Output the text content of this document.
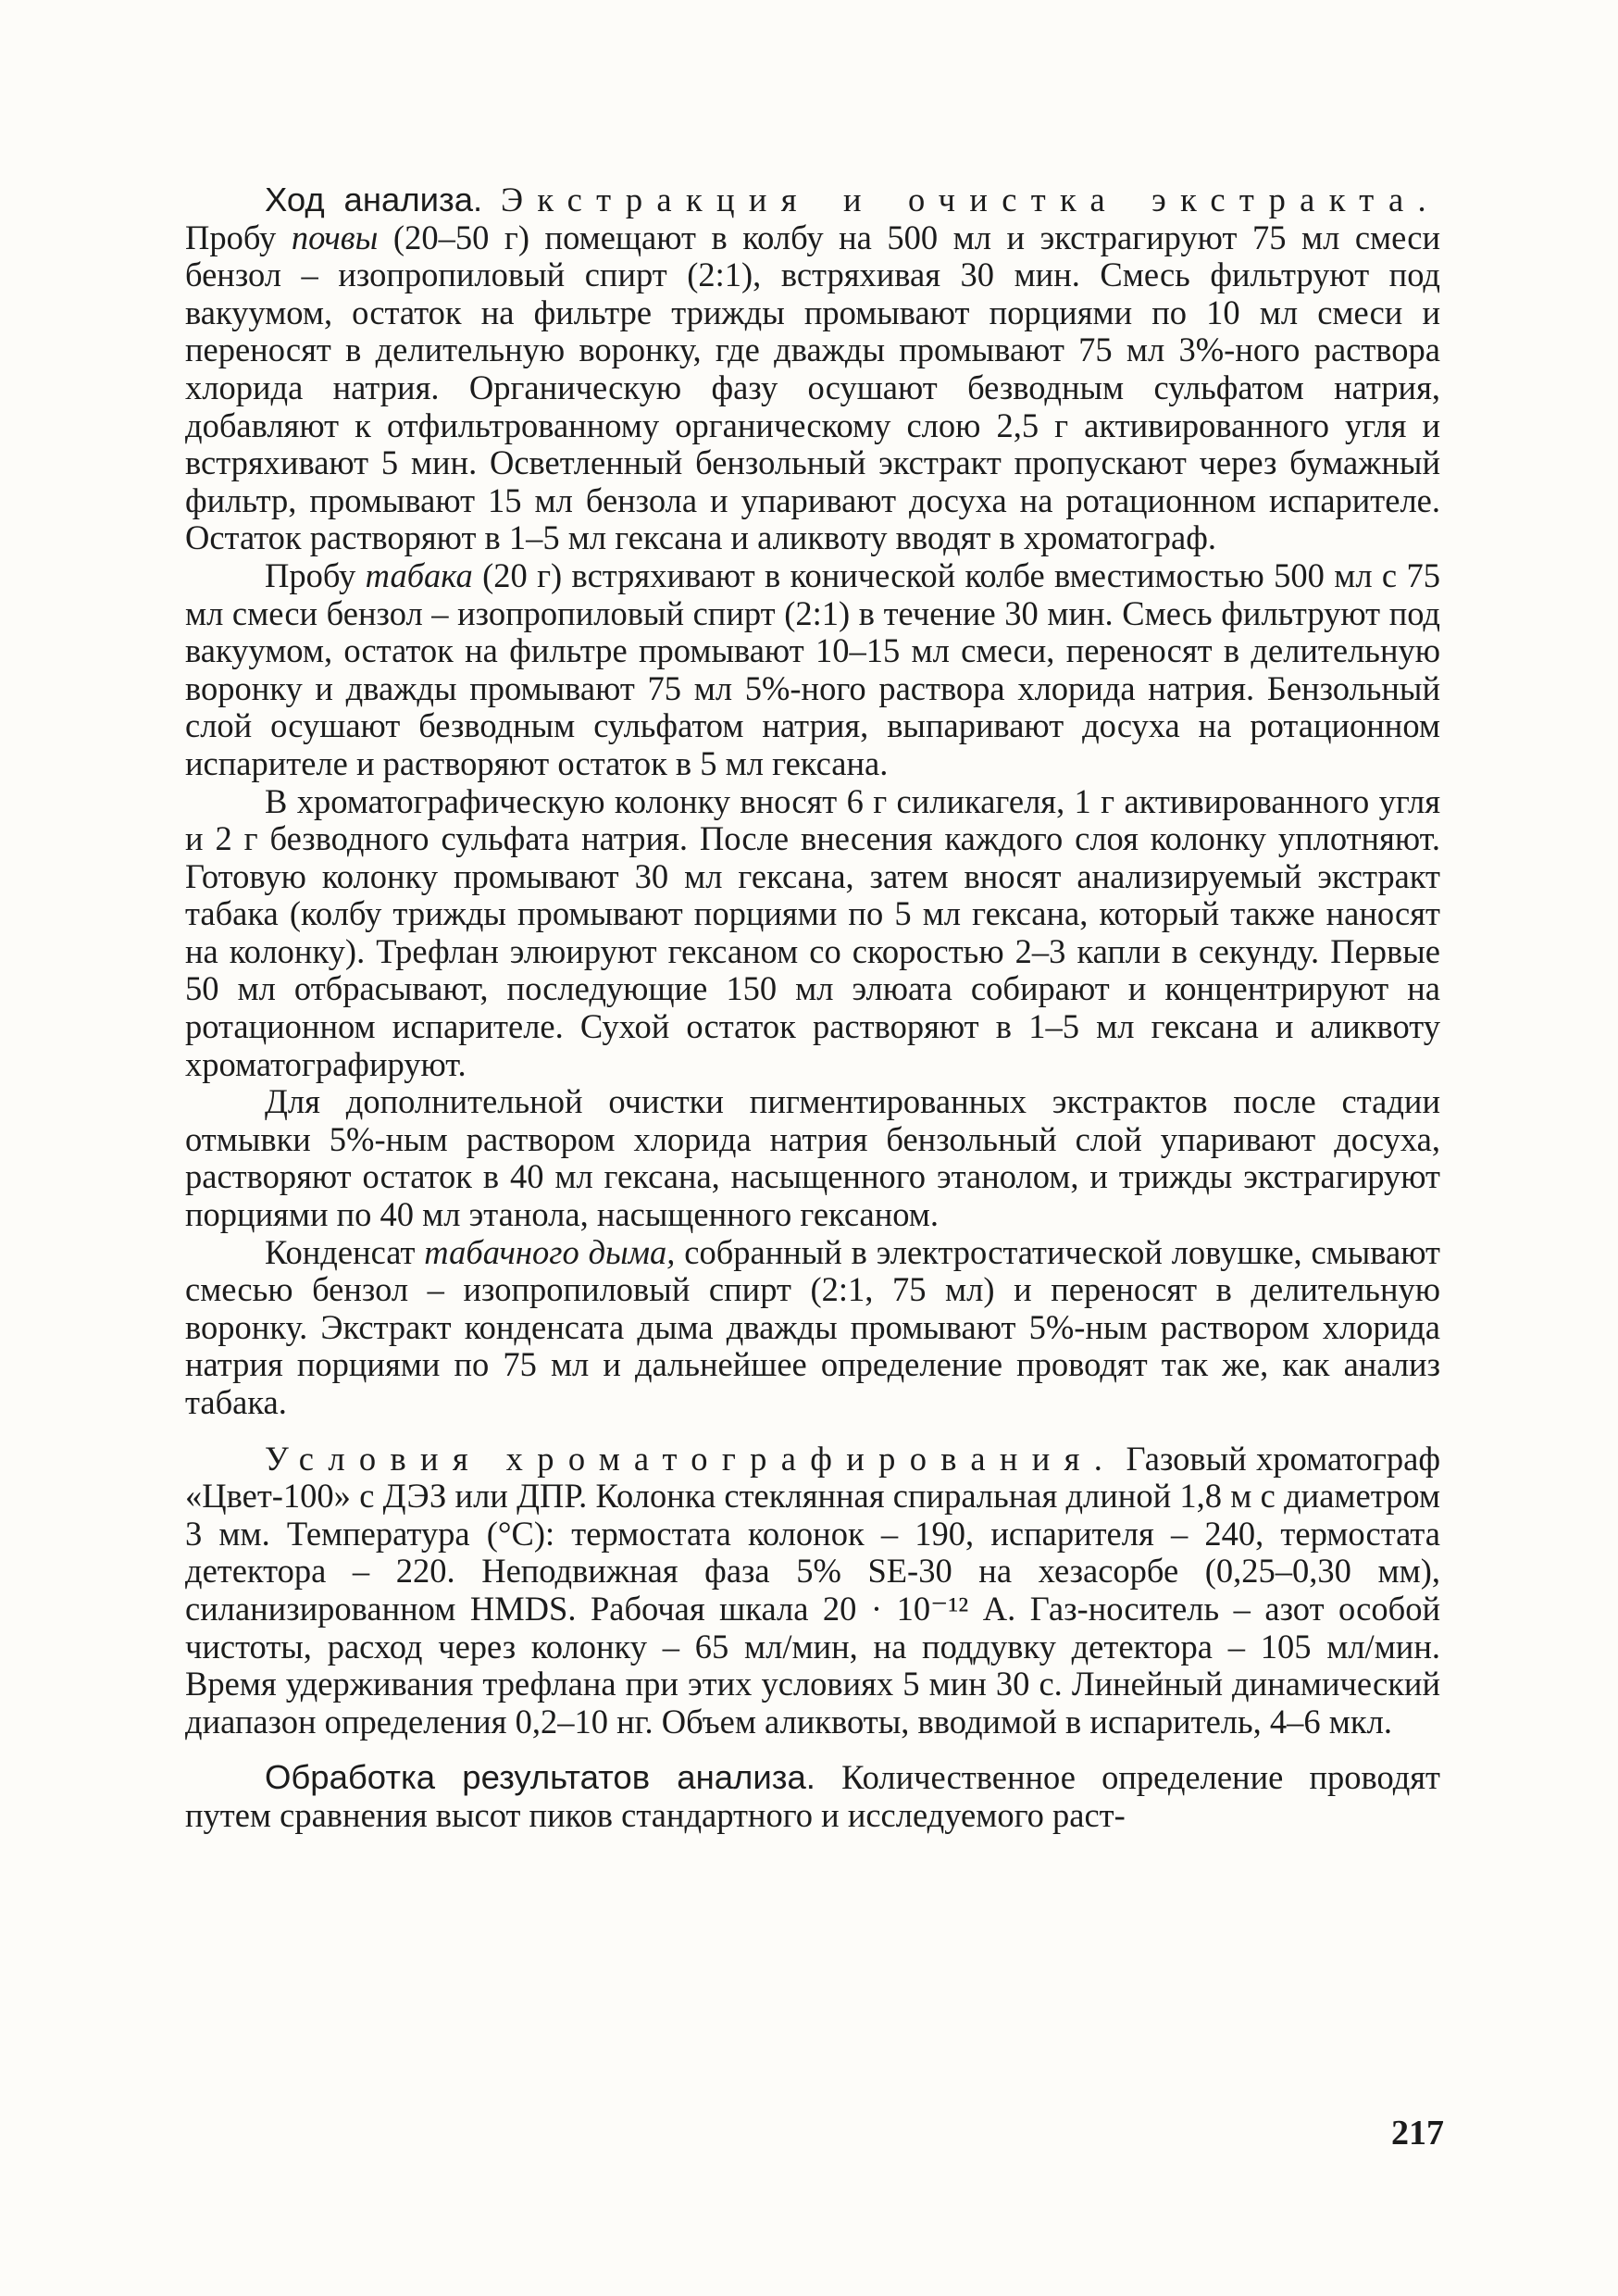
Ход анализа. Экстракция и очистка экстракта. Пробу почвы (20–50 г) помещают в колбу на 500 мл и экстрагируют 75 мл смеси бензол – изопропиловый спирт (2:1), встряхивая 30 мин. Смесь фильтруют под вакуумом, остаток на фильтре трижды промывают порциями по 10 мл смеси и переносят в делительную воронку, где дважды промывают 75 мл 3%-ного раствора хлорида натрия. Органическую фазу осушают безводным сульфатом натрия, добавляют к отфильтрованному органическому слою 2,5 г активированного угля и встряхивают 5 мин. Осветленный бензольный экстракт пропускают через бумажный фильтр, промывают 15 мл бензола и упаривают досуха на ротационном испарителе. Остаток растворяют в 1–5 мл гексана и аликвоту вводят в хроматограф.

Пробу табака (20 г) встряхивают в конической колбе вместимостью 500 мл с 75 мл смеси бензол – изопропиловый спирт (2:1) в течение 30 мин. Смесь фильтруют под вакуумом, остаток на фильтре промывают 10–15 мл смеси, переносят в делительную воронку и дважды промывают 75 мл 5%-ного раствора хлорида натрия. Бензольный слой осушают безводным сульфатом натрия, выпаривают досуха на ротационном испарителе и растворяют остаток в 5 мл гексана.

В хроматографическую колонку вносят 6 г силикагеля, 1 г активированного угля и 2 г безводного сульфата натрия. После внесения каждого слоя колонку уплотняют. Готовую колонку промывают 30 мл гексана, затем вносят анализируемый экстракт табака (колбу трижды промывают порциями по 5 мл гексана, который также наносят на колонку). Трефлан элюируют гексаном со скоростью 2–3 капли в секунду. Первые 50 мл отбрасывают, последующие 150 мл элюата собирают и концентрируют на ротационном испарителе. Сухой остаток растворяют в 1–5 мл гексана и аликвоту хроматографируют.

Для дополнительной очистки пигментированных экстрактов после стадии отмывки 5%-ным раствором хлорида натрия бензольный слой упаривают досуха, растворяют остаток в 40 мл гексана, насыщенного этанолом, и трижды экстрагируют порциями по 40 мл этанола, насыщенного гексаном.

Конденсат табачного дыма, собранный в электростатической ловушке, смывают смесью бензол – изопропиловый спирт (2:1, 75 мл) и переносят в делительную воронку. Экстракт конденсата дыма дважды промывают 5%-ным раствором хлорида натрия порциями по 75 мл и дальнейшее определение проводят так же, как анализ табака.

Условия хроматографирования. Газовый хроматограф «Цвет-100» с ДЭЗ или ДПР. Колонка стеклянная спиральная длиной 1,8 м с диаметром 3 мм. Температура (°С): термостата колонок – 190, испарителя – 240, термостата детектора – 220. Неподвижная фаза 5% SE-30 на хезасорбе (0,25–0,30 мм), силанизированном HMDS. Рабочая шкала 20 · 10⁻¹² А. Газ-носитель – азот особой чистоты, расход через колонку – 65 мл/мин, на поддувку детектора – 105 мл/мин. Время удерживания трефлана при этих условиях 5 мин 30 с. Линейный динамический диапазон определения 0,2–10 нг. Объем аликвоты, вводимой в испаритель, 4–6 мкл.

Обработка результатов анализа. Количественное определение проводят путем сравнения высот пиков стандартного и исследуемого раст-

217
